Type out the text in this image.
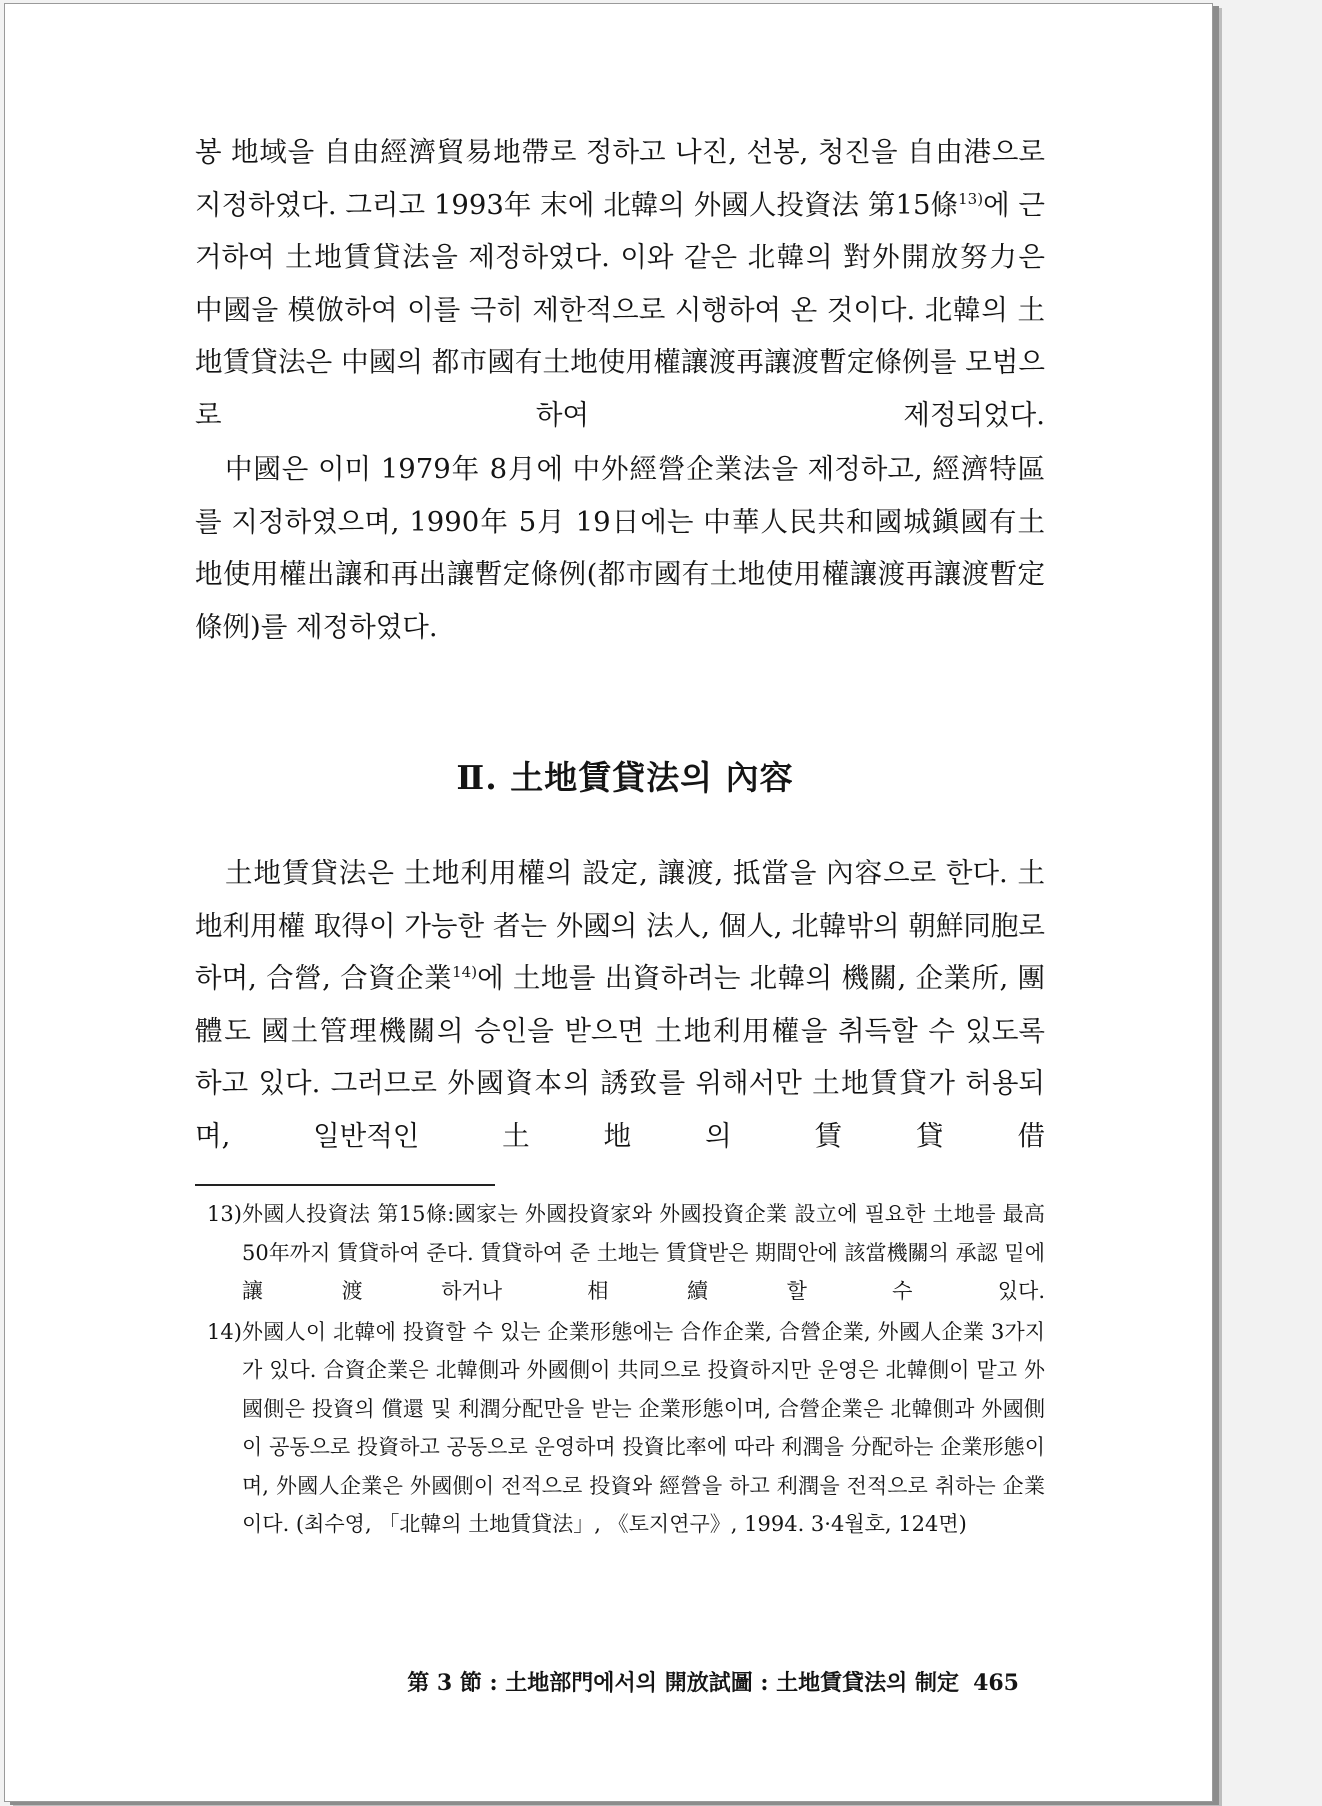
봉 地域을 自由經濟貿易地帶로 정하고 나진, 선봉, 청진을 自由港으로 지정하였다. 그리고 1993年 末에 北韓의 外國人投資法 第15條$^{13)}$에 근거하여 土地賃貸法을 제정하였다. 이와 같은 北韓의 對外開放努力은 中國을 模倣하여 이를 극히 제한적으로 시행하여 온 것이다. 北韓의 土地賃貸法은 中國의 都市國有土地使用權讓渡再讓渡暫定條例를 모범으로 하여 제정되었다.

中國은 이미 1979年 8月에 中外經營企業法을 제정하고, 經濟特區를 지정하였으며, 1990年 5月 19日에는 中華人民共和國城鎭國有土地使用權出讓和再出讓暫定條例(都市國有土地使用權讓渡再讓渡暫定條例)를 제정하였다.

Ⅱ. 土地賃貸法의 內容

土地賃貸法은 土地利用權의 設定, 讓渡, 抵當을 內容으로 한다. 土地利用權 取得이 가능한 者는 外國의 法人, 個人, 北韓밖의 朝鮮同胞로 하며, 合營, 合資企業$^{14)}$에 土地를 出資하려는 北韓의 機關, 企業所, 團體도 國土管理機關의 승인을 받으면 土地利用權을 취득할 수 있도록 하고 있다. 그러므로 外國資本의 誘致를 위해서만 土地賃貸가 허용되며, 일반적인 土地의 賃貸借

13) 外國人投資法 第15條:國家는 外國投資家와 外國投資企業 設立에 필요한 土地를 最高 50年까지 賃貸하여 준다. 賃貸하여 준 土地는 賃貸받은 期間안에 該當機關의 承認 밑에 讓渡하거나 相續할 수 있다.
14) 外國人이 北韓에 投資할 수 있는 企業形態에는 合作企業, 合營企業, 外國人企業 3가지가 있다. 合資企業은 北韓側과 外國側이 共同으로 投資하지만 운영은 北韓側이 맡고 外國側은 投資의 償還 및 利潤分配만을 받는 企業形態이며, 合營企業은 北韓側과 外國側이 공동으로 投資하고 공동으로 운영하며 投資比率에 따라 利潤을 分配하는 企業形態이며, 外國人企業은 外國側이 전적으로 投資와 經營을 하고 利潤을 전적으로 취하는 企業이다. (최수영, 「北韓의 土地賃貸法」, 《토지연구》, 1994. 3·4월호, 124면)
第 3 節 : 土地部門에서의 開放試圖 : 土地賃貸法의 制定 465
